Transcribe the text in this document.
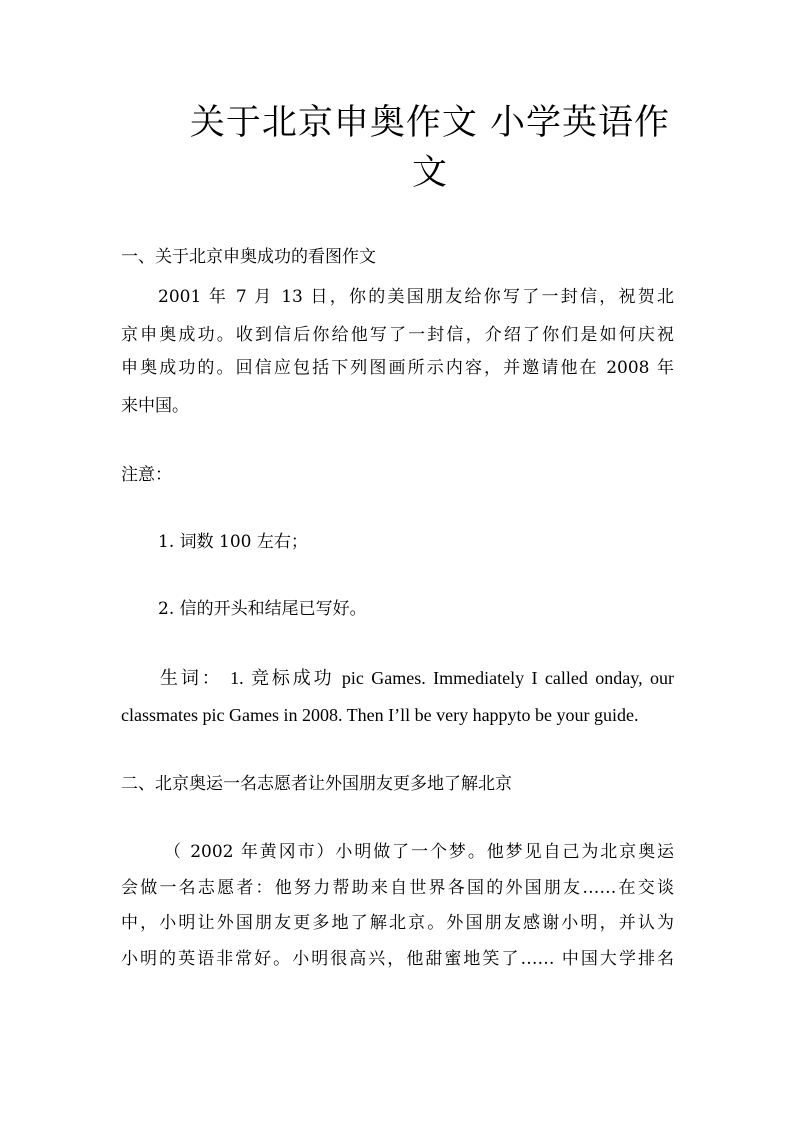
关于北京申奥作文 小学英语作
文
一、关于北京申奥成功的看图作文
2001 年 7 月 13 日，你的美国朋友给你写了一封信，祝贺北
京申奥成功。收到信后你给他写了一封信，介绍了你们是如何庆祝
申奥成功的。回信应包括下列图画所示内容，并邀请他在 2008 年
来中国。
注意：
1. 词数 100 左右；
2. 信的开头和结尾已写好。
生词： 1. 竞标成功 pic Games. Immediately I called onday, our
classmates pic Games in 2008. Then I’ll be very happyto be your guide.
二、北京奥运一名志愿者让外国朋友更多地了解北京
（ 2002 年黄冈市）小明做了一个梦。他梦见自己为北京奥运
会做一名志愿者：他努力帮助来自世界各国的外国朋友……在交谈
中，小明让外国朋友更多地了解北京。外国朋友感谢小明，并认为
小明的英语非常好。小明很高兴，他甜蜜地笑了…… 中国大学排名
